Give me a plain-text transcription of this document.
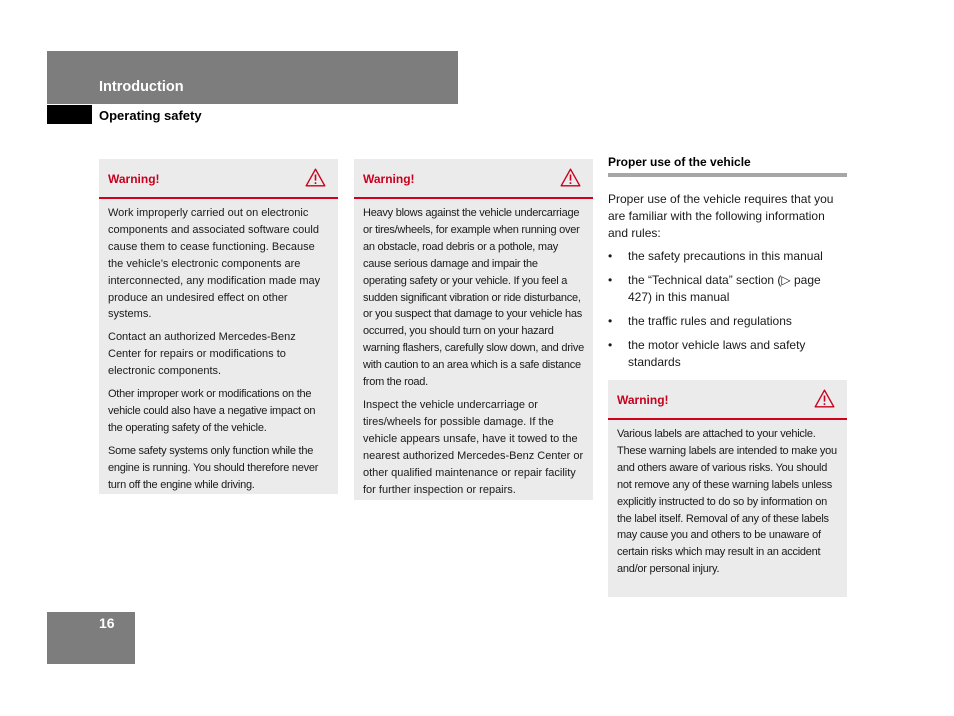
Introduction
Operating safety
Warning!

Work improperly carried out on electronic components and associated software could cause them to cease functioning. Because the vehicle’s electronic components are interconnected, any modification made may produce an undesired effect on other systems.

Contact an authorized Mercedes-Benz Center for repairs or modifications to electronic components.

Other improper work or modifications on the vehicle could also have a negative impact on the operating safety of the vehicle.

Some safety systems only function while the engine is running. You should therefore never turn off the engine while driving.

Warning!

Heavy blows against the vehicle undercarriage or tires/wheels, for example when running over an obstacle, road debris or a pothole, may cause serious damage and impair the operating safety or your vehicle. If you feel a sudden significant vibration or ride disturbance, or you suspect that damage to your vehicle has occurred, you should turn on your hazard warning flashers, carefully slow down, and drive with caution to an area which is a safe distance from the road.

Inspect the vehicle undercarriage or tires/wheels for possible damage. If the vehicle appears unsafe, have it towed to the nearest authorized Mercedes-Benz Center or other qualified maintenance or repair facility for further inspection or repairs.

Proper use of the vehicle
Proper use of the vehicle requires that you are familiar with the following information and rules:
• the safety precautions in this manual
• the “Technical data” section (▷ page 427) in this manual
• the traffic rules and regulations
• the motor vehicle laws and safety standards
Warning!

Various labels are attached to your vehicle. These warning labels are intended to make you and others aware of various risks. You should not remove any of these warning labels unless explicitly instructed to do so by information on the label itself. Removal of any of these labels may cause you and others to be unaware of certain risks which may result in an accident and/or personal injury.

16
